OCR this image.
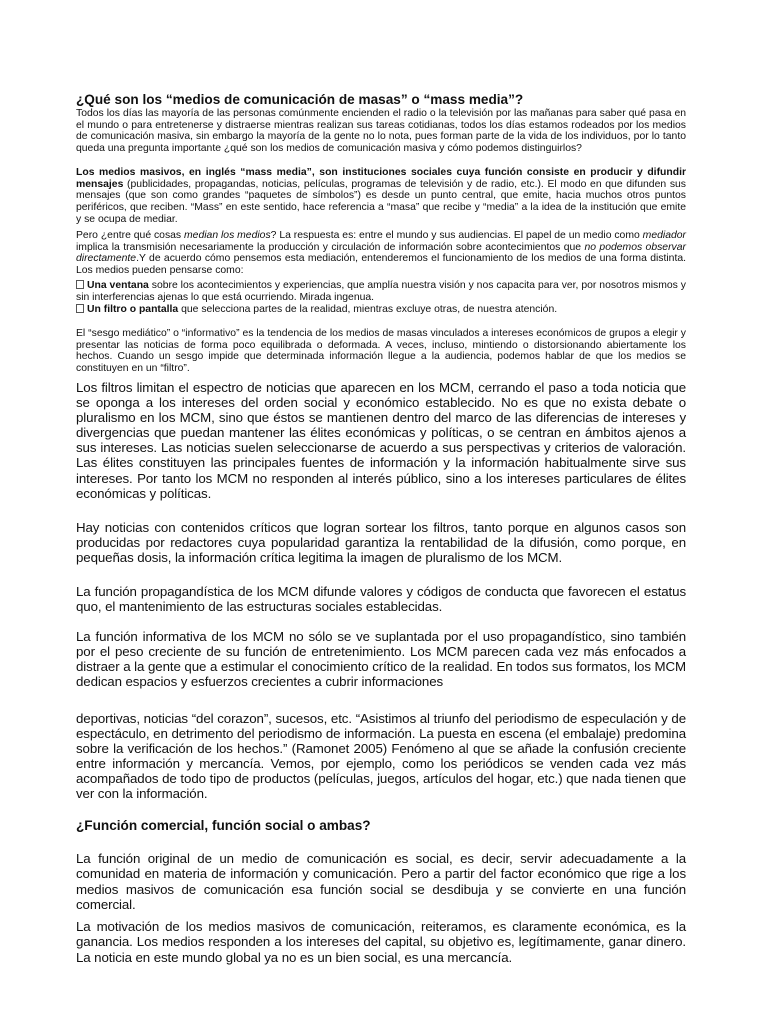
¿Qué son los “medios de comunicación de masas” o “mass media”?

Todos los días las mayoría de las personas comúnmente encienden el radio o la televisión por las mañanas para saber qué pasa en el mundo o para entretenerse y distraerse mientras realizan sus tareas cotidianas, todos los días estamos rodeados por los medios de comunicación masiva, sin embargo la mayoría de la gente no lo nota, pues forman parte de la vida de los individuos, por lo tanto queda una pregunta importante ¿qué son los medios de comunicación masiva y cómo podemos distinguirlos?

Los medios masivos, en inglés “mass media”, son instituciones sociales cuya función consiste en producir y difundir mensajes (publicidades, propagandas, noticias, películas, programas de televisión y de radio, etc.). El modo en que difunden sus mensajes (que son como grandes “paquetes de símbolos”) es desde un punto central, que emite, hacia muchos otros puntos periféricos, que reciben. “Mass” en este sentido, hace referencia a “masa” que recibe y “media” a la idea de la institución que emite y se ocupa de mediar.

Pero ¿entre qué cosas median los medios? La respuesta es: entre el mundo y sus audiencias. El papel de un medio como mediador implica la transmisión necesariamente la producción y circulación de información sobre acontecimientos que no podemos observar directamente.Y de acuerdo cómo pensemos esta mediación, entenderemos el funcionamiento de los medios de una forma distinta. Los medios pueden pensarse como:

Una ventana sobre los acontecimientos y experiencias, que amplía nuestra visión y nos capacita para ver, por nosotros mismos y sin interferencias ajenas lo que está ocurriendo. Mirada ingenua.

Un filtro o pantalla que selecciona partes de la realidad, mientras excluye otras, de nuestra atención.

El “sesgo mediático” o “informativo” es la tendencia de los medios de masas vinculados a intereses económicos de grupos a elegir y presentar las noticias de forma poco equilibrada o deformada. A veces, incluso, mintiendo o distorsionando abiertamente los hechos. Cuando un sesgo impide que determinada información llegue a la audiencia, podemos hablar de que los medios se constituyen en un “filtro”.

Los filtros limitan el espectro de noticias que aparecen en los MCM, cerrando el paso a toda noticia que se oponga a los intereses del orden social y económico establecido. No es que no exista debate o pluralismo en los MCM, sino que éstos se mantienen dentro del marco de las diferencias de intereses y divergencias que puedan mantener las élites económicas y políticas, o se centran en ámbitos ajenos a sus intereses. Las noticias suelen seleccionarse de acuerdo a sus perspectivas y criterios de valoración. Las élites constituyen las principales fuentes de información y la información habitualmente sirve sus intereses. Por tanto los MCM no responden al interés público, sino a los intereses particulares de élites económicas y políticas.

Hay noticias con contenidos críticos que logran sortear los filtros, tanto porque en algunos casos son producidas por redactores cuya popularidad garantiza la rentabilidad de la difusión, como porque, en pequeñas dosis, la información crítica legitima la imagen de pluralismo de los MCM.

La función propagandística de los MCM difunde valores y códigos de conducta que favorecen el estatus quo, el mantenimiento de las estructuras sociales establecidas.

La función informativa de los MCM no sólo se ve suplantada por el uso propagandístico, sino también por el peso creciente de su función de entretenimiento. Los MCM parecen cada vez más enfocados a distraer a la gente que a estimular el conocimiento crítico de la realidad. En todos sus formatos, los MCM dedican espacios y esfuerzos crecientes a cubrir informaciones

deportivas, noticias “del corazon”, sucesos, etc. “Asistimos al triunfo del periodismo de especulación y de espectáculo, en detrimento del periodismo de información. La puesta en escena (el embalaje) predomina sobre la verificación de los hechos.” (Ramonet 2005) Fenómeno al que se añade la confusión creciente entre información y mercancía. Vemos, por ejemplo, como los periódicos se venden cada vez más acompañados de todo tipo de productos (películas, juegos, artículos del hogar, etc.) que nada tienen que ver con la información.

¿Función comercial, función social o ambas?

La función original de un medio de comunicación es social, es decir, servir adecuadamente a la comunidad en materia de información y comunicación. Pero a partir del factor económico que rige a los medios masivos de comunicación esa función social se desdibuja y se convierte en una función comercial.

La motivación de los medios masivos de comunicación, reiteramos, es claramente económica, es la ganancia. Los medios responden a los intereses del capital, su objetivo es, legítimamente, ganar dinero. La noticia en este mundo global ya no es un bien social, es una mercancía.
